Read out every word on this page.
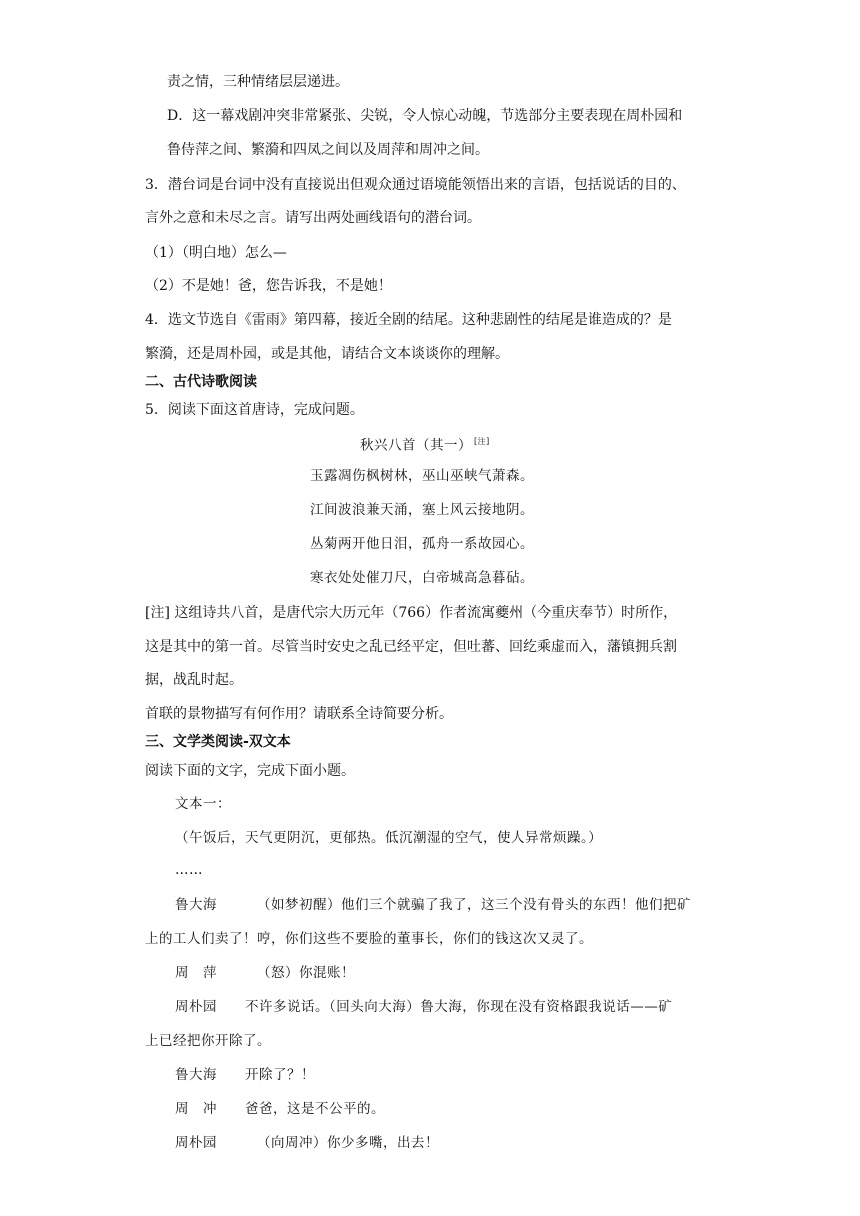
责之情，三种情绪层层递进。
D．这一幕戏剧冲突非常紧张、尖锐，令人惊心动魄，节选部分主要表现在周朴园和
鲁侍萍之间、繁漪和四凤之间以及周萍和周冲之间。
3．潜台词是台词中没有直接说出但观众通过语境能领悟出来的言语，包括说话的目的、
言外之意和未尽之言。请写出两处画线语句的潜台词。
（1）（明白地）怎么—
（2）不是她！爸，您告诉我，不是她！
4．选文节选自《雷雨》第四幕，接近全剧的结尾。这种悲剧性的结尾是谁造成的？是
繁漪，还是周朴园，或是其他，请结合文本谈谈你的理解。
二、古代诗歌阅读
5．阅读下面这首唐诗，完成问题。
秋兴八首（其一） [注]
玉露凋伤枫树林，巫山巫峡气萧森。
江间波浪兼天涌，塞上风云接地阴。
丛菊两开他日泪，孤舟一系故园心。
寒衣处处催刀尺，白帝城高急暮砧。
[注] 这组诗共八首，是唐代宗大历元年（766）作者流寓夔州（今重庆奉节）时所作，
这是其中的第一首。尽管当时安史之乱已经平定，但吐蕃、回纥乘虚而入，藩镇拥兵割
据，战乱时起。
首联的景物描写有何作用？请联系全诗简要分析。
三、文学类阅读-双文本
阅读下面的文字，完成下面小题。
文本一：
（午饭后，天气更阴沉，更郁热。低沉潮湿的空气，使人异常烦躁。）
……
鲁大海	（如梦初醒）他们三个就骗了我了，这三个没有骨头的东西！他们把矿
上的工人们卖了！哼，你们这些不要脸的董事长，你们的钱这次又灵了。
周　萍	（怒）你混账！
周朴园 不许多说话。（回头向大海）鲁大海，你现在没有资格跟我说话——矿
上已经把你开除了。
鲁大海 开除了？！
周　冲 爸爸，这是不公平的。
周朴园	（向周冲）你少多嘴，出去！
